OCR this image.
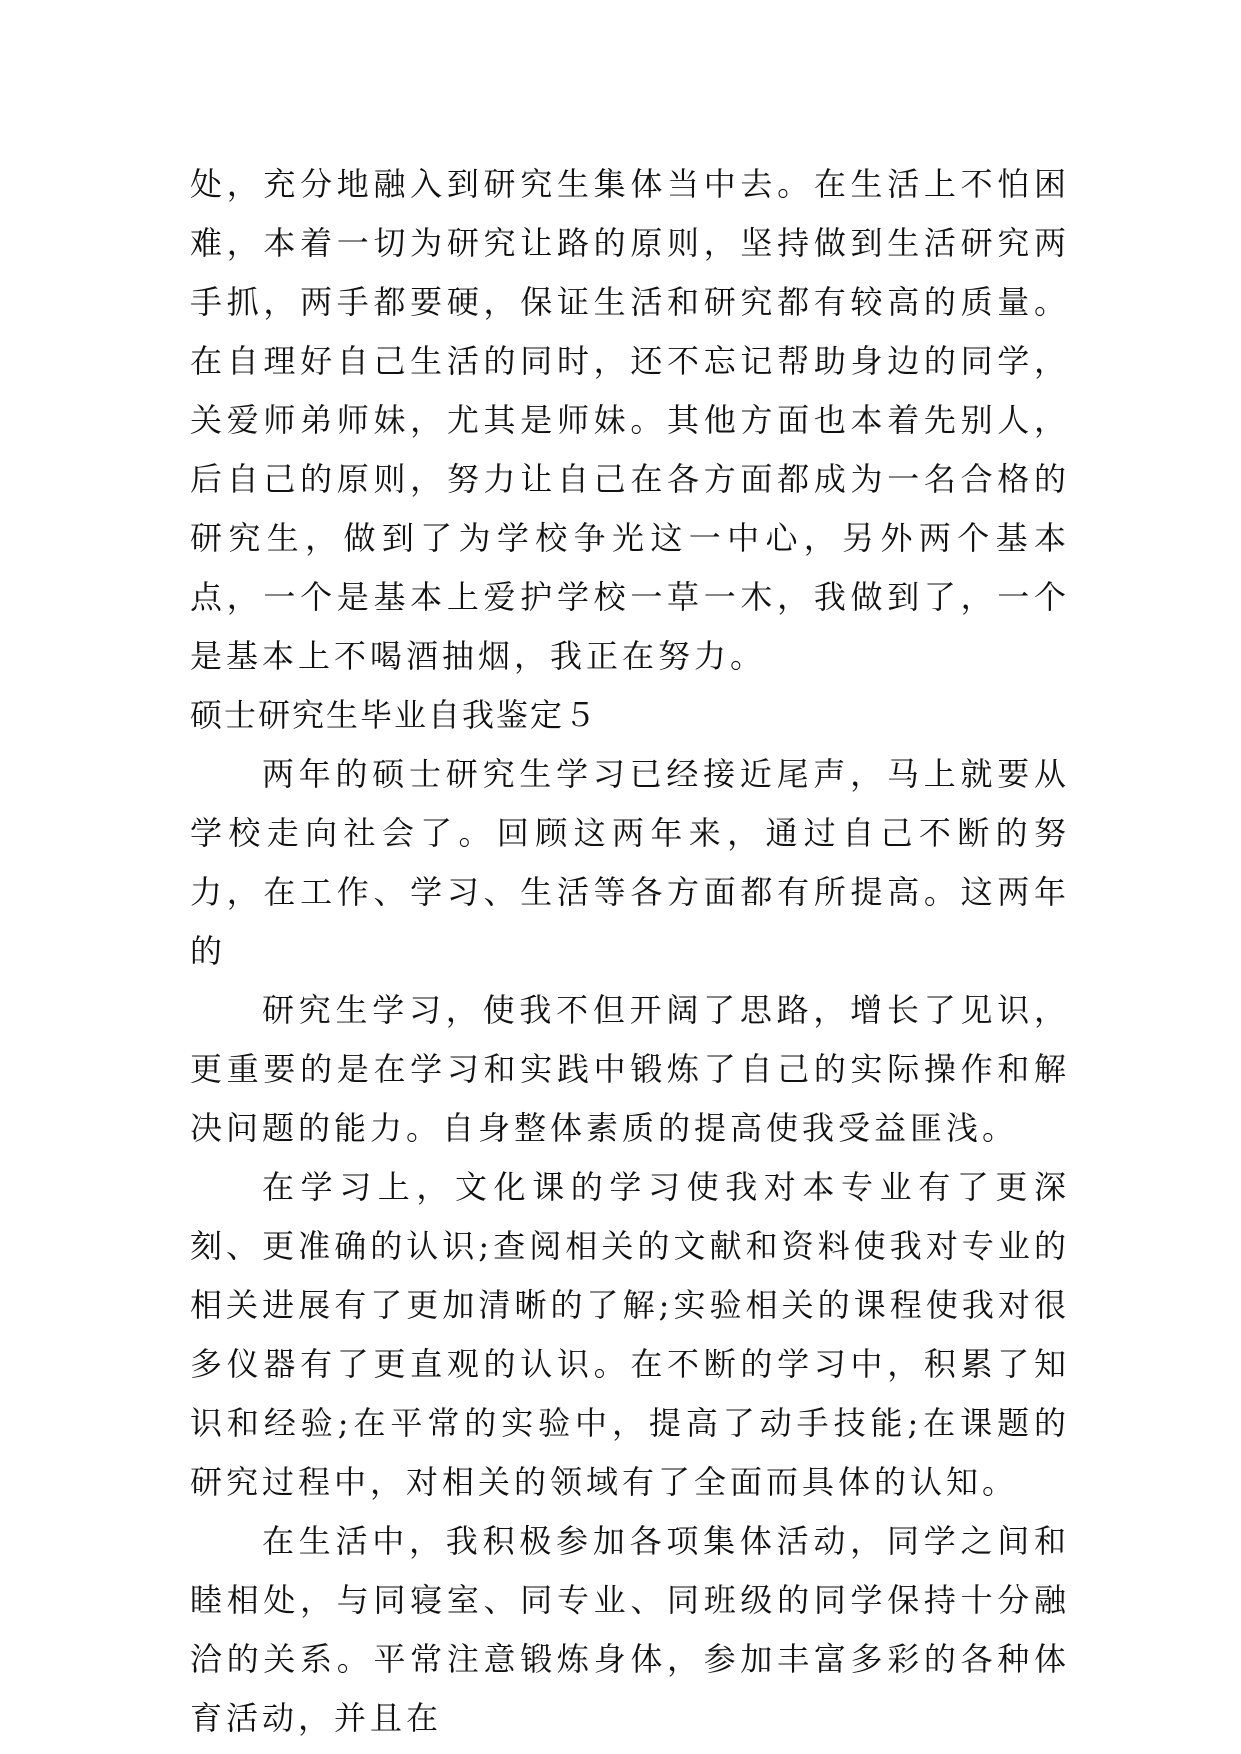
处，充分地融入到研究生集体当中去。在生活上不怕困难，本着一切为研究让路的原则，坚持做到生活研究两手抓，两手都要硬，保证生活和研究都有较高的质量。在自理好自己生活的同时，还不忘记帮助身边的同学，关爱师弟师妹，尤其是师妹。其他方面也本着先别人，后自己的原则，努力让自己在各方面都成为一名合格的研究生，做到了为学校争光这一中心，另外两个基本点，一个是基本上爱护学校一草一木，我做到了，一个是基本上不喝酒抽烟，我正在努力。

硕士研究生毕业自我鉴定５

两年的硕士研究生学习已经接近尾声，马上就要从学校走向社会了。回顾这两年来，通过自己不断的努力，在工作、学习、生活等各方面都有所提高。这两年的

研究生学习，使我不但开阔了思路，增长了见识，更重要的是在学习和实践中锻炼了自己的实际操作和解决问题的能力。自身整体素质的提高使我受益匪浅。

在学习上，文化课的学习使我对本专业有了更深刻、更准确的认识;查阅相关的文献和资料使我对专业的相关进展有了更加清晰的了解;实验相关的课程使我对很多仪器有了更直观的认识。在不断的学习中，积累了知识和经验;在平常的实验中，提高了动手技能;在课题的研究过程中，对相关的领域有了全面而具体的认知。

在生活中，我积极参加各项集体活动，同学之间和睦相处，与同寝室、同专业、同班级的同学保持十分融洽的关系。平常注意锻炼身体，参加丰富多彩的各种体育活动，并且在
